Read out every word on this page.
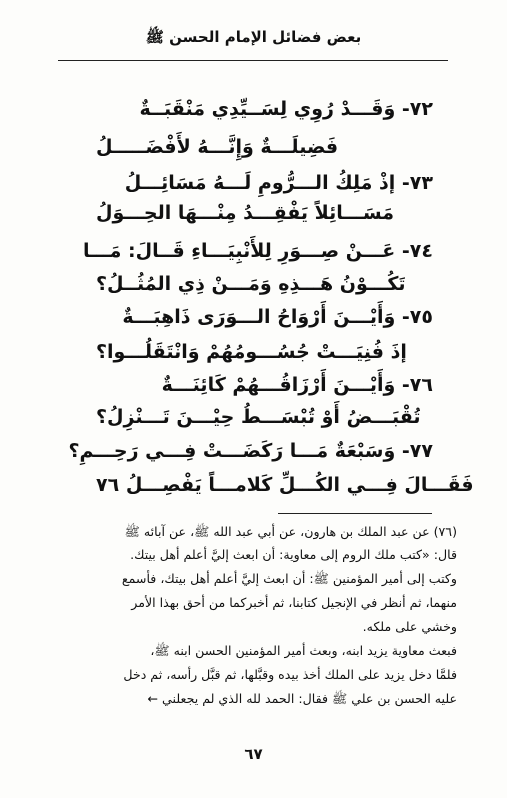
بعض فضائل الإمام الحسن ﷺ
٧٢- وَقَـــدْ رُوِي لِسَــيِّدِي مَنْقَبَــةٌ
فَضِيلَـــةٌ وَإِنَّـــهُ لأَفْضَـــــلُ
٧٣- إذْ مَلِكُ الـــرُّومِ لَـــهُ مَسَائِـــلُ
مَسَـــائِلاً يَفْقِـــدُ مِنْـــهَا الحِـــوَلُ
٧٤- عَـــنْ صِـــوَرِ لِلأَنْبِيَـــاءِ قَــالَ: مَـــا
تَكُـــوْنُ هَـــذِهِ وَمَـــنْ ذِي المُثُــلُ؟
٧٥- وَأَيْـــنَ أَرْوَاحُ الـــوَرَى ذَاهِبَـــةٌ
إذَ فُنِيَـــتْ جُسُـــومُهُمْ وَانْتَقَلُـــوا؟
٧٦- وَأَيْـــنَ أَرْزَاقُـــهُمْ كَائِنَـــةٌ
تُقْبَـــضُ أَوْ تُبْسَـــطُ حِيْـــنَ تَـــنْزِلُ؟
٧٧- وَسَبْعَةٌ مَـــا رَكَضَـــتْ فِـــي رَحِـــمِ؟
فَقَـــالَ فِـــي الكُـــلِّ كَلامـــاً يَفْصِـــلُ ٧٦
(٧٦) عن عبد الملك بن هارون، عن أبي عبد الله ﷺ، عن آبائه ﷺ
قال: «كتب ملك الروم إلى معاوية: أن ابعث إليَّ أعلم أهل بيتك.
وكتب إلى أمير المؤمنين ﷺ: أن ابعث إليَّ أعلم أهل بيتك، فأسمع
منهما، ثم أنظر في الإنجيل كتابنا، ثم أخبركما من أحق بهذا الأمر
وخشي على ملكه.
فبعث معاوية يزيد ابنه، وبعث أمير المؤمنين الحسن ابنه ﷺ،
فلمَّا دخل يزيد على الملك أخذ بيده وقبَّلها، ثم قبَّل رأسه، ثم دخل
عليه الحسن بن علي ﷺ فقال: الحمد لله الذي لم يجعلني ←
٦٧
